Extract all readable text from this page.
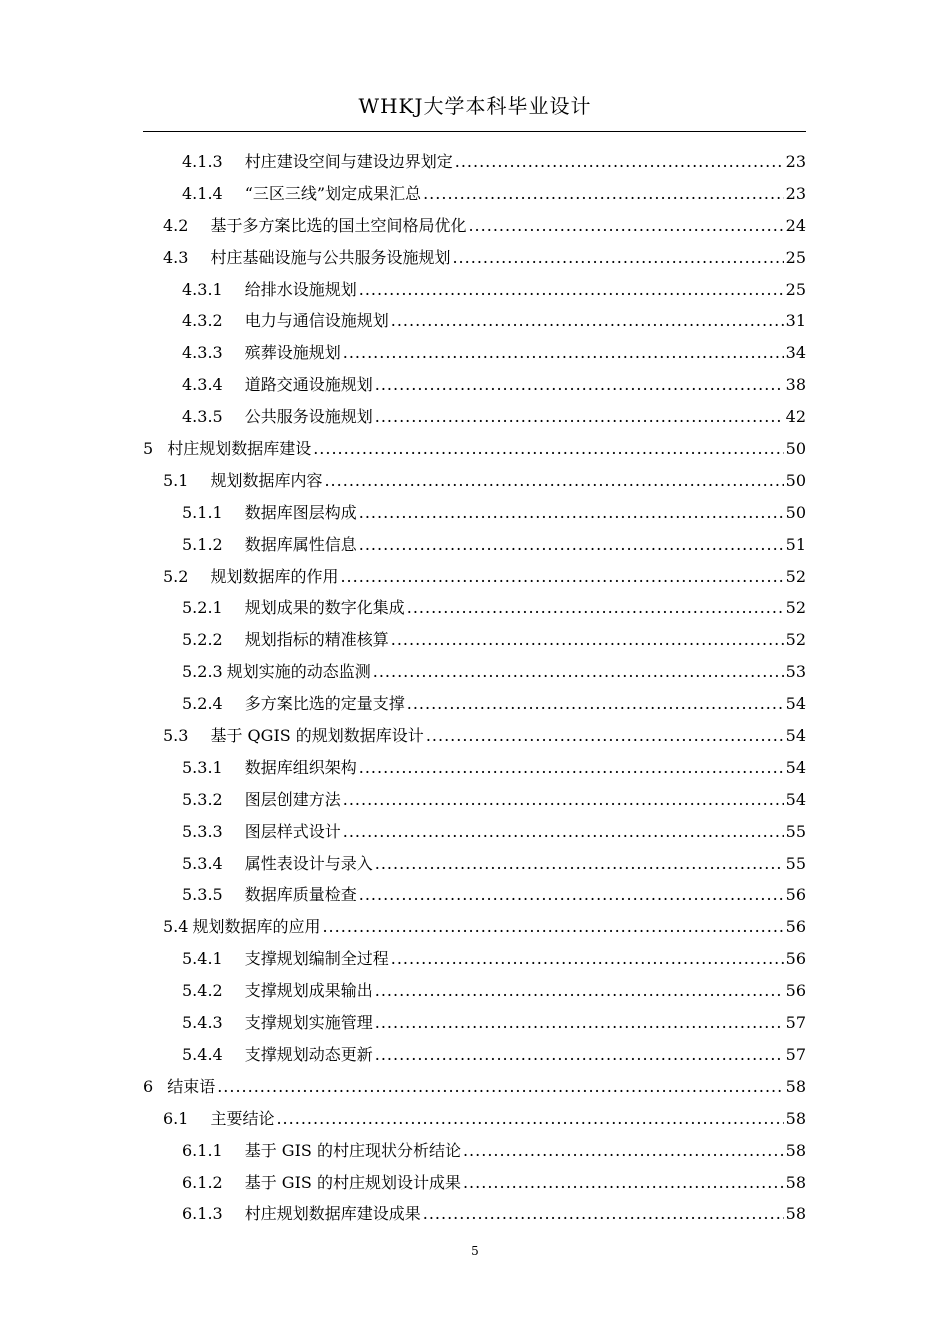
WHKJ大学本科毕业设计
4.1.3 村庄建设空间与建设边界划定 .....	23
4.1.4 “三区三线”划定成果汇总 .....	23
4.2 基于多方案比选的国土空间格局优化 .....	24
4.3 村庄基础设施与公共服务设施规划 .....	25
4.3.1 给排水设施规划 .....	25
4.3.2 电力与通信设施规划 .....	31
4.3.3 殡葬设施规划 .....	34
4.3.4 道路交通设施规划 .....	38
4.3.5 公共服务设施规划 .....	42
5 村庄规划数据库建设 .....	50
5.1 规划数据库内容 .....	50
5.1.1 数据库图层构成 .....	50
5.1.2 数据库属性信息 .....	51
5.2 规划数据库的作用 .....	52
5.2.1 规划成果的数字化集成 .....	52
5.2.2 规划指标的精准核算 .....	52
5.2.3 规划实施的动态监测 .....	53
5.2.4 多方案比选的定量支撑 .....	54
5.3 基于 QGIS 的规划数据库设计 .....	54
5.3.1 数据库组织架构 .....	54
5.3.2 图层创建方法 .....	54
5.3.3 图层样式设计 .....	55
5.3.4 属性表设计与录入 .....	55
5.3.5 数据库质量检查 .....	56
5.4 规划数据库的应用 .....	56
5.4.1 支撑规划编制全过程 .....	56
5.4.2 支撑规划成果输出 .....	56
5.4.3 支撑规划实施管理 .....	57
5.4.4 支撑规划动态更新 .....	57
6 结束语 .....	58
6.1 主要结论 .....	58
6.1.1 基于 GIS 的村庄现状分析结论 .....	58
6.1.2 基于 GIS 的村庄规划设计成果 .....	58
6.1.3 村庄规划数据库建设成果 .....	58
5
